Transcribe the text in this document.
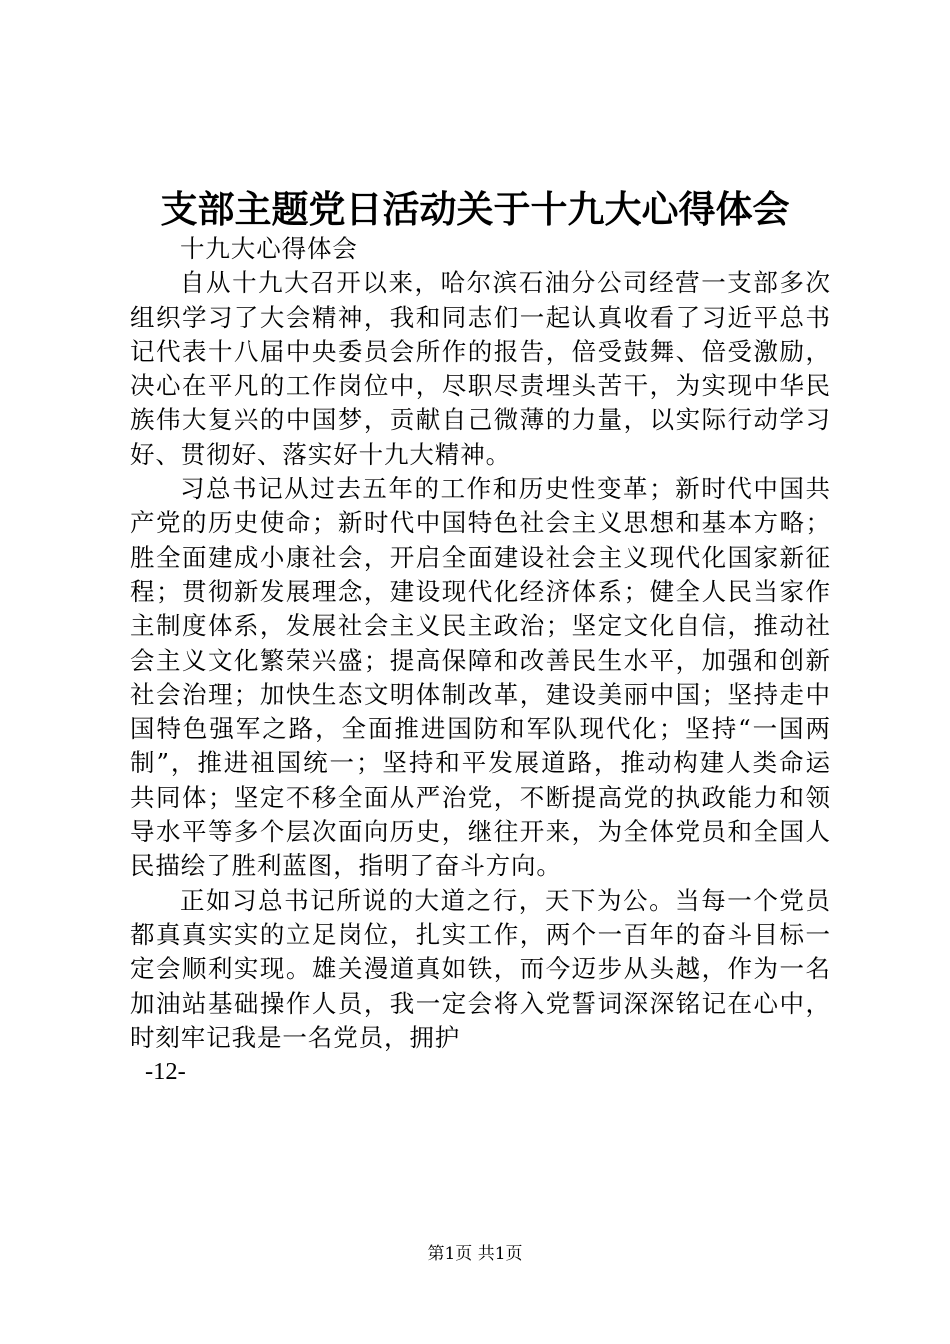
支部主题党日活动关于十九大心得体会
十九大心得体会
自从十九大召开以来，哈尔滨石油分公司经营一支部多次
组织学习了大会精神，我和同志们一起认真收看了习近平总书
记代表十八届中央委员会所作的报告，倍受鼓舞、倍受激励，
决心在平凡的工作岗位中，尽职尽责埋头苦干，为实现中华民
族伟大复兴的中国梦，贡献自己微薄的力量，以实际行动学习
好、贯彻好、落实好十九大精神。
习总书记从过去五年的工作和历史性变革；新时代中国共
产党的历史使命；新时代中国特色社会主义思想和基本方略；
胜全面建成小康社会，开启全面建设社会主义现代化国家新征
程；贯彻新发展理念，建设现代化经济体系；健全人民当家作
主制度体系，发展社会主义民主政治；坚定文化自信，推动社
会主义文化繁荣兴盛；提高保障和改善民生水平，加强和创新
社会治理；加快生态文明体制改革，建设美丽中国；坚持走中
国特色强军之路，全面推进国防和军队现代化；坚持“一国两
制”，推进祖国统一；坚持和平发展道路，推动构建人类命运
共同体；坚定不移全面从严治党，不断提高党的执政能力和领
导水平等多个层次面向历史，继往开来，为全体党员和全国人
民描绘了胜利蓝图，指明了奋斗方向。
正如习总书记所说的大道之行，天下为公。当每一个党员
都真真实实的立足岗位，扎实工作，两个一百年的奋斗目标一
定会顺利实现。雄关漫道真如铁，而今迈步从头越，作为一名
加油站基础操作人员，我一定会将入党誓词深深铭记在心中，
时刻牢记我是一名党员，拥护
-12-
第1页 共1页
